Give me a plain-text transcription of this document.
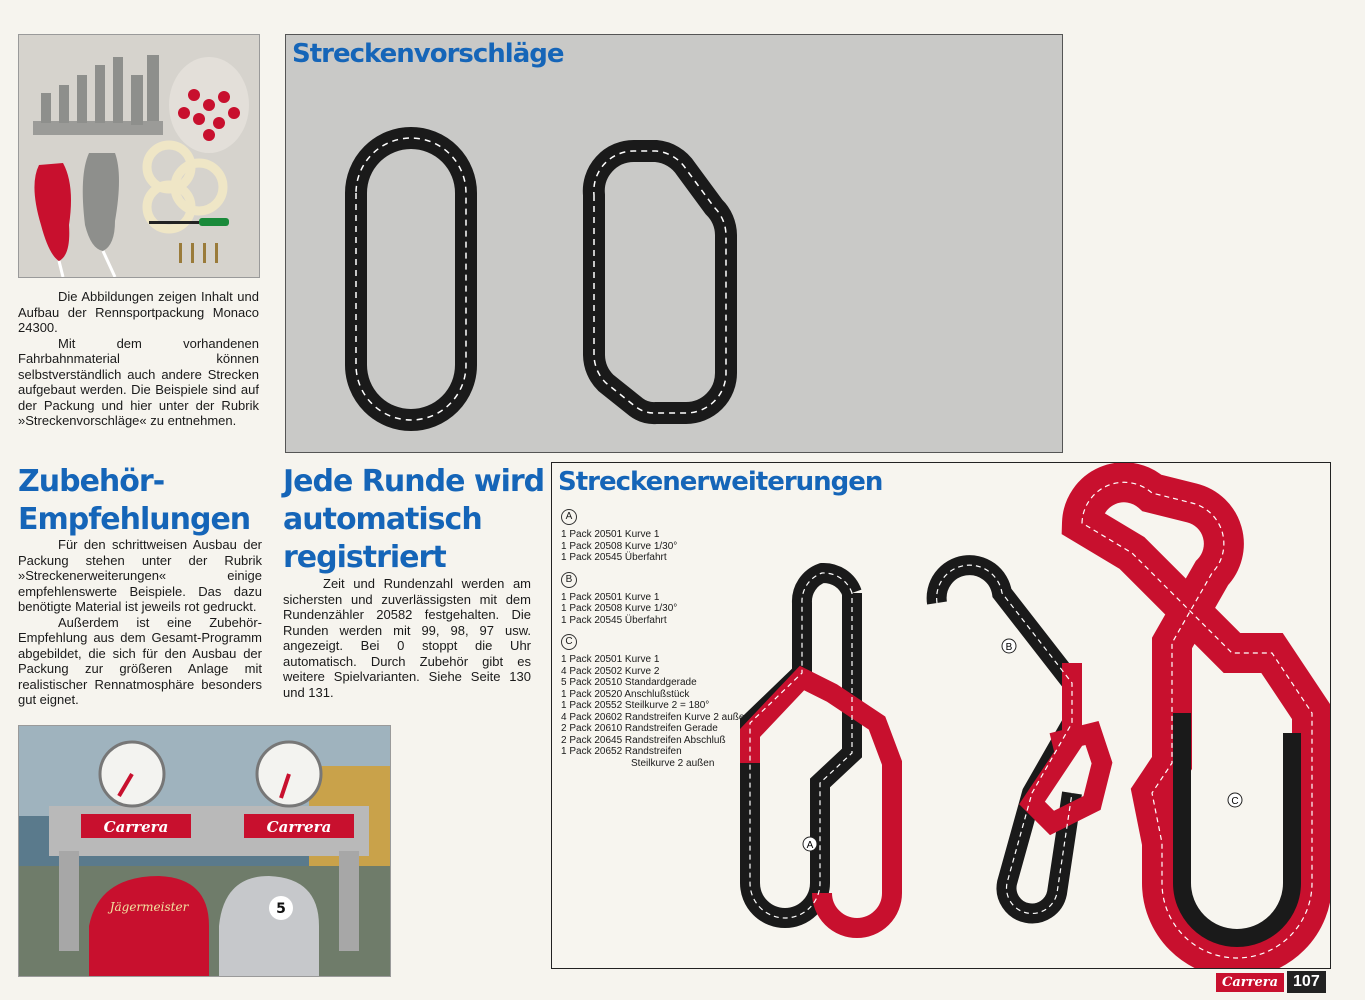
Die Abbildungen zeigen Inhalt und Aufbau der Rennsportpackung Monaco 24300.

Mit dem vorhandenen Fahrbahnmaterial können selbstverständlich auch andere Strecken aufgebaut werden. Die Beispiele sind auf der Packung und hier unter der Rubrik »Streckenvorschläge« zu entnehmen.

Streckenvorschläge
Zubehör-
Empfehlungen

Für den schrittweisen Ausbau der Packung stehen unter der Rubrik »Streckenerweiterungen« einige empfehlenswerte Beispiele. Das dazu benötigte Material ist jeweils rot gedruckt.

Außerdem ist eine Zubehör-Empfehlung aus dem Gesamt-Programm abgebildet, die sich für den Ausbau der Packung zur größeren Anlage mit realistischer Rennatmosphäre besonders gut eignet.

Jede Runde wird
automatisch
registriert

Zeit und Rundenzahl werden am sichersten und zuverlässigsten mit dem Rundenzähler 20582 festgehalten. Die Runden werden mit 99, 98, 97 usw. angezeigt. Bei 0 stoppt die Uhr automatisch. Durch Zubehör gibt es weitere Spielvarianten. Siehe Seite 130 und 131.

Carrera	Carrera
Jägermeister	5
Streckenerweiterungen
A
1 Pack 20501 Kurve 1
1 Pack 20508 Kurve 1/30°
1 Pack 20545 Überfahrt
B
1 Pack 20501 Kurve 1
1 Pack 20508 Kurve 1/30°
1 Pack 20545 Überfahrt
C
1 Pack 20501 Kurve 1
4 Pack 20502 Kurve 2
5 Pack 20510 Standardgerade
1 Pack 20520 Anschlußstück
1 Pack 20552 Steilkurve 2 = 180°
4 Pack 20602 Randstreifen Kurve 2 außen
2 Pack 20610 Randstreifen Gerade
2 Pack 20645 Randstreifen Abschluß
1 Pack 20652 Randstreifen
Steilkurve 2 außen
A
B
C
Carrera 107
